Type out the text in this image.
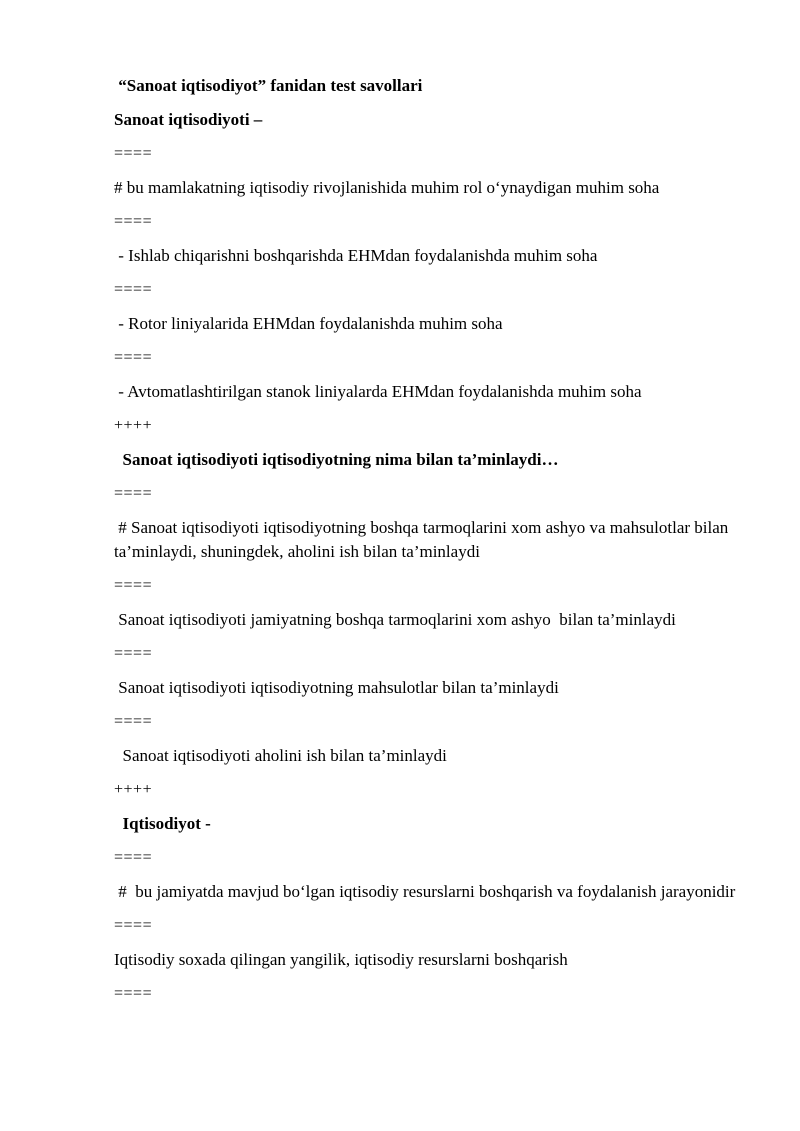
“Sanoat iqtisodiyot” fanidan test savollari

Sanoat iqtisodiyoti –

====

# bu mamlakatning iqtisodiy rivojlanishida muhim rol o‘ynaydigan muhim soha

====

- Ishlab chiqarishni boshqarishda EHMdan foydalanishda muhim soha

====

- Rotor liniyalarida EHMdan foydalanishda muhim soha

====

- Avtomatlashtirilgan stanok liniyalarda EHMdan foydalanishda muhim soha

++++

Sanoat iqtisodiyoti iqtisodiyotning nima bilan ta’minlaydi…

====

# Sanoat iqtisodiyoti iqtisodiyotning boshqa tarmoqlarini xom ashyo va mahsulotlar bilan ta’minlaydi, shuningdek, aholini ish bilan ta’minlaydi

====

Sanoat iqtisodiyoti jamiyatning boshqa tarmoqlarini xom ashyo  bilan ta’minlaydi

====

Sanoat iqtisodiyoti iqtisodiyotning mahsulotlar bilan ta’minlaydi

====

Sanoat iqtisodiyoti aholini ish bilan ta’minlaydi

++++

Iqtisodiyot -

====

#  bu jamiyatda mavjud bo‘lgan iqtisodiy resurslarni boshqarish va foydalanish jarayonidir

====

Iqtisodiy soxada qilingan yangilik, iqtisodiy resurslarni boshqarish

====
